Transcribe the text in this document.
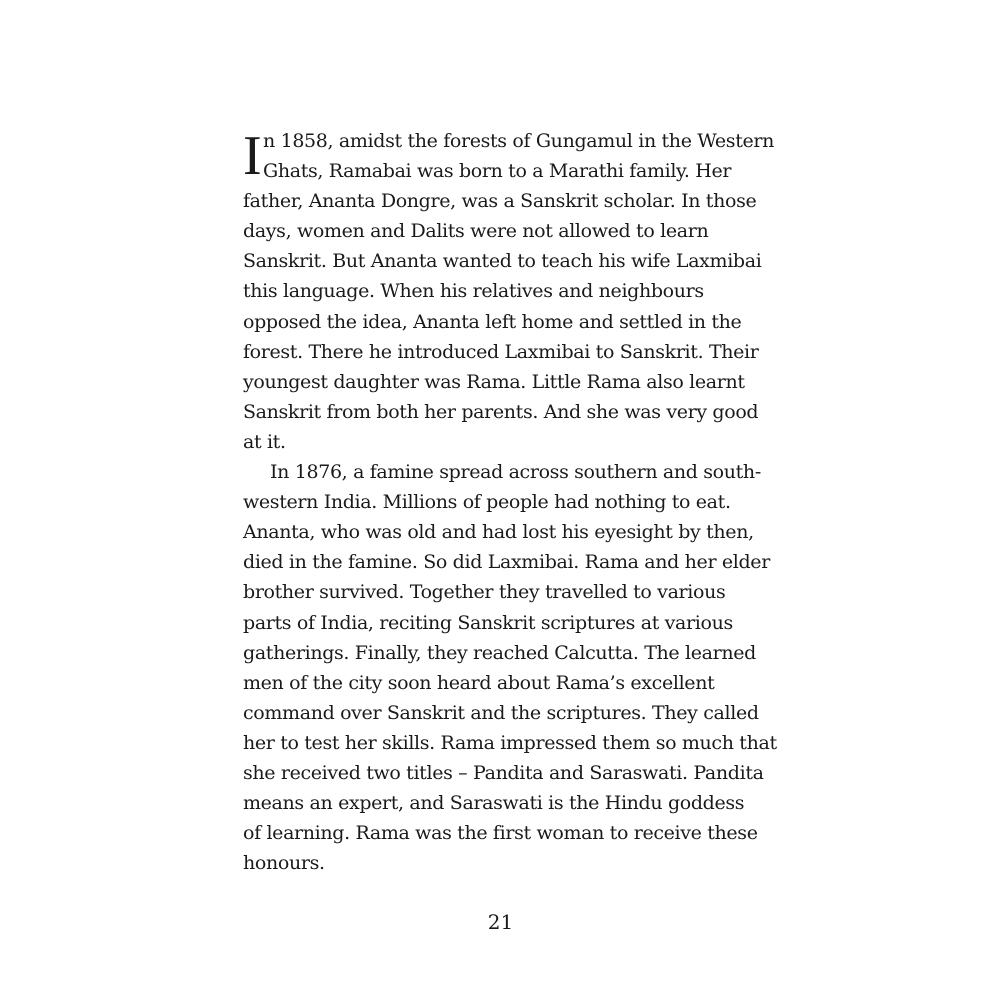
I n 1858, amidst the forests of Gungamul in the Western
Ghats, Ramabai was born to a Marathi family. Her
father, Ananta Dongre, was a Sanskrit scholar. In those
days, women and Dalits were not allowed to learn
Sanskrit. But Ananta wanted to teach his wife Laxmibai
this language. When his relatives and neighbours
opposed the idea, Ananta left home and settled in the
forest. There he introduced Laxmibai to Sanskrit. Their
youngest daughter was Rama. Little Rama also learnt
Sanskrit from both her parents. And she was very good
at it.
In 1876, a famine spread across southern and south-
western India. Millions of people had nothing to eat.
Ananta, who was old and had lost his eyesight by then,
died in the famine. So did Laxmibai. Rama and her elder
brother survived. Together they travelled to various
parts of India, reciting Sanskrit scriptures at various
gatherings. Finally, they reached Calcutta. The learned
men of the city soon heard about Rama’s excellent
command over Sanskrit and the scriptures. They called
her to test her skills. Rama impressed them so much that
she received two titles – Pandita and Saraswati. Pandita
means an expert, and Saraswati is the Hindu goddess
of learning. Rama was the first woman to receive these
honours.
21
